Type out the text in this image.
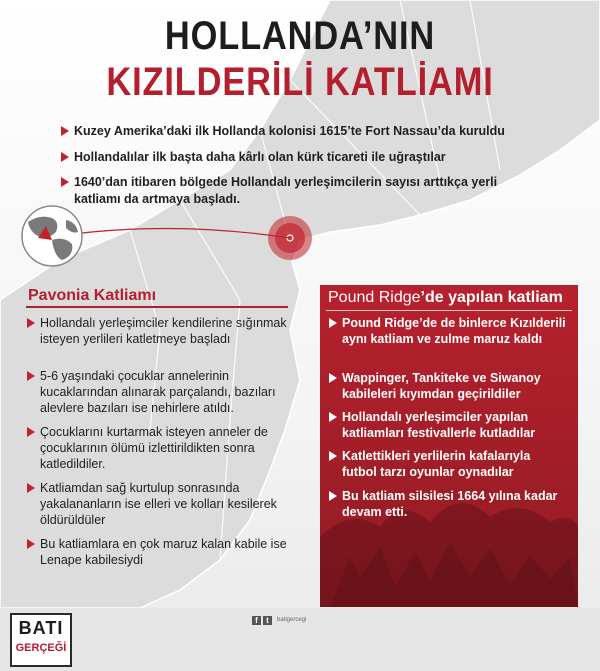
HOLLANDA’NIN
KIZILDERİLİ KATLİAMI
Kuzey Amerika’daki ilk Hollanda kolonisi 1615’te Fort Nassau’da kuruldu
Hollandalılar ilk başta daha kârlı olan kürk ticareti ile uğraştılar
1640’dan itibaren bölgede Hollandalı yerleşimcilerin sayısı arttıkça yerli katliamı da artmaya başladı.
Pavonia Katliamı
Hollandalı yerleşimciler kendilerine sığınmak isteyen yerlileri katletmeye başladı
5-6 yaşındaki çocuklar annelerinin kucaklarından alınarak parçalandı, bazıları alevlere bazıları ise nehirlere atıldı.
Çocuklarını kurtarmak isteyen anneler de çocuklarının ölümü izlettirildikten sonra katledildiler.
Katliamdan sağ kurtulup sonrasında yakalananların ise elleri ve kolları kesilerek öldürüldüler
Bu katliamlara en çok maruz kalan kabile ise Lenape kabilesiydi
Pound Ridge’de yapılan katliam
Pound Ridge’de de binlerce Kızılderili aynı katliam ve zulme maruz kaldı
Wappinger, Tankiteke ve Siwanoy kabileleri kıyımdan geçirildiler
Hollandalı yerleşimciler yapılan katliamları festivallerle kutladılar
Katlettikleri yerlilerin kafalarıyla futbol tarzı oyunlar oynadılar
Bu katliam silsilesi 1664 yılına kadar devam etti.
BATI
GERÇEĞİ
f	t	batigercegi
